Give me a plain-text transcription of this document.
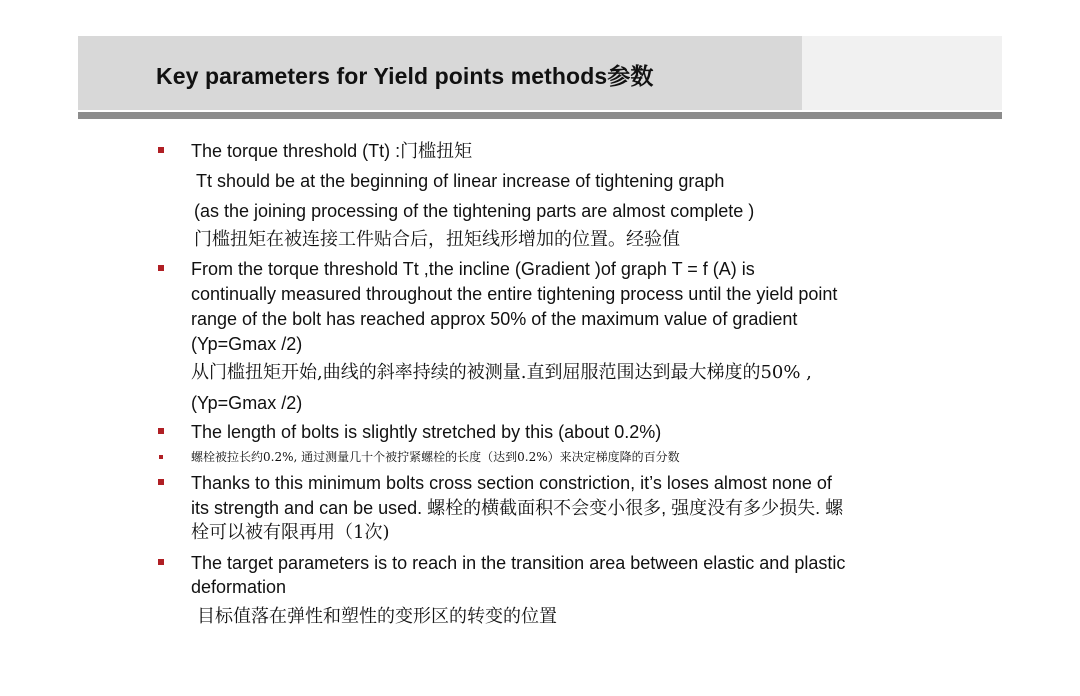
Key parameters for Yield points methods参数
The torque threshold (Tt) :门槛扭矩
Tt should be at the beginning of linear increase of tightening graph
(as the joining processing of the tightening parts are almost complete )
门槛扭矩在被连接工件贴合后，扭矩线形增加的位置。经验值
From the torque threshold Tt ,the incline (Gradient )of graph T = f (A) is
continually measured throughout the entire tightening process until the yield point
range of the bolt has reached approx 50% of the maximum value of gradient
(Yp=Gmax /2)
从门槛扭矩开始,曲线的斜率持续的被测量.直到屈服范围达到最大梯度的50% ,
(Yp=Gmax /2)
The length of bolts is slightly stretched by this (about 0.2%)
螺栓被拉长约0.2%, 通过测量几十个被拧紧螺栓的长度（达到0.2%）来决定梯度降的百分数
Thanks to this minimum bolts cross section constriction, it’s loses almost none of
its strength and can be used. 螺栓的横截面积不会变小很多, 强度没有多少损失. 螺
栓可以被有限再用（1次)
The target parameters is to reach in the transition area between elastic and plastic
deformation
目标值落在弹性和塑性的变形区的转变的位置
